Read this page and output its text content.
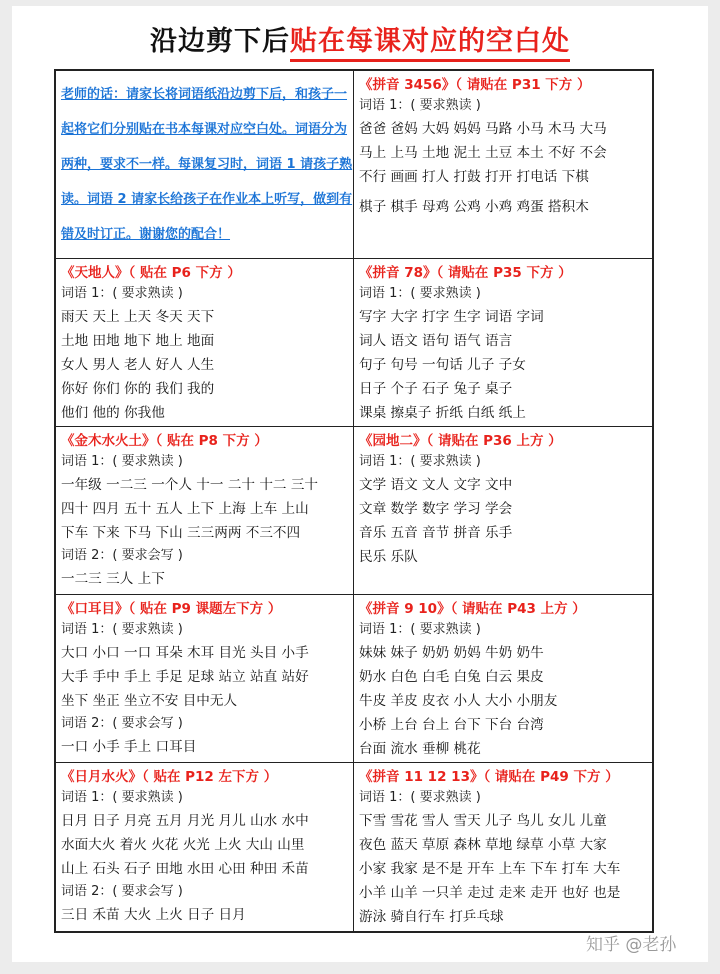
沿边剪下后贴在每课对应的空白处
老师的话：请家长将词语纸沿边剪下后，和孩子一起将它们分别贴在书本每课对应空白处。词语分为两种，要求不一样。每课复习时，词语 1 请孩子熟读。词语 2 请家长给孩子在作业本上听写，做到有错及时订正。谢谢您的配合！
《拼音 3456》（ 请贴在 P31 下方 ）
词语 1：( 要求熟读 )
爸爸 爸妈 大妈 妈妈 马路 小马 木马 大马
马上 上马 土地 泥土 土豆 本土 不好 不会
不行 画画 打人 打鼓 打开 打电话 下棋
棋子 棋手 母鸡 公鸡 小鸡 鸡蛋 搭积木
《天地人》（ 贴在 P6 下方 ）
词语 1：( 要求熟读 )
雨天 天上 上天 冬天 天下
土地 田地 地下 地上 地面
女人 男人 老人 好人 人生
你好 你们 你的 我们 我的
他们 他的 你我他
《拼音 78》（ 请贴在 P35 下方 ）
词语 1：( 要求熟读 )
写字 大字 打字 生字 词语 字词
词人 语文 语句 语气 语言
句子 句号 一句话 儿子 子女
日子 个子 石子 兔子 桌子
课桌 擦桌子 折纸 白纸 纸上
《金木水火土》（ 贴在 P8 下方 ）
词语 1：( 要求熟读 )
一年级 一二三 一个人 十一 二十 十二 三十
四十 四月 五十 五人 上下 上海 上车 上山
下车 下来 下马 下山 三三两两 不三不四
词语 2：( 要求会写 )
一二三 三人 上下
《园地二》（ 请贴在 P36 上方 ）
词语 1：( 要求熟读 )
文学 语文 文人 文字 文中
文章 数学 数字 学习 学会
音乐 五音 音节 拼音 乐手
民乐 乐队
《口耳目》（ 贴在 P9 课题左下方 ）
词语 1：( 要求熟读 )
大口 小口 一口 耳朵 木耳 目光 头目 小手
大手 手中 手上 手足 足球 站立 站直 站好
坐下 坐正 坐立不安 目中无人
词语 2：( 要求会写 )
一口 小手 手上 口耳目
《拼音 9 10》（ 请贴在 P43 上方 ）
词语 1：( 要求熟读 )
妹妹 妹子 奶奶 奶妈 牛奶 奶牛
奶水 白色 白毛 白兔 白云 果皮
牛皮 羊皮 皮衣 小人 大小 小朋友
小桥 上台 台上 台下 下台 台湾
台面 流水 垂柳 桃花
《日月水火》（ 贴在 P12 左下方 ）
词语 1：( 要求熟读 )
日月 日子 月亮 五月 月光 月儿 山水 水中
水面大火 着火 火花 火光 上火 大山 山里
山上 石头 石子 田地 水田 心田 种田 禾苗
词语 2：( 要求会写 )
三日 禾苗 大火 上火 日子 日月
《拼音 11 12 13》（ 请贴在 P49 下方 ）
词语 1：( 要求熟读 )
下雪 雪花 雪人 雪天 儿子 鸟儿 女儿 儿童
夜色 蓝天 草原 森林 草地 绿草 小草 大家
小家 我家 是不是 开车 上车 下车 打车 大车
小羊 山羊 一只羊 走过 走来 走开 也好 也是
游泳 骑自行车 打乒乓球
知乎 @老孙
